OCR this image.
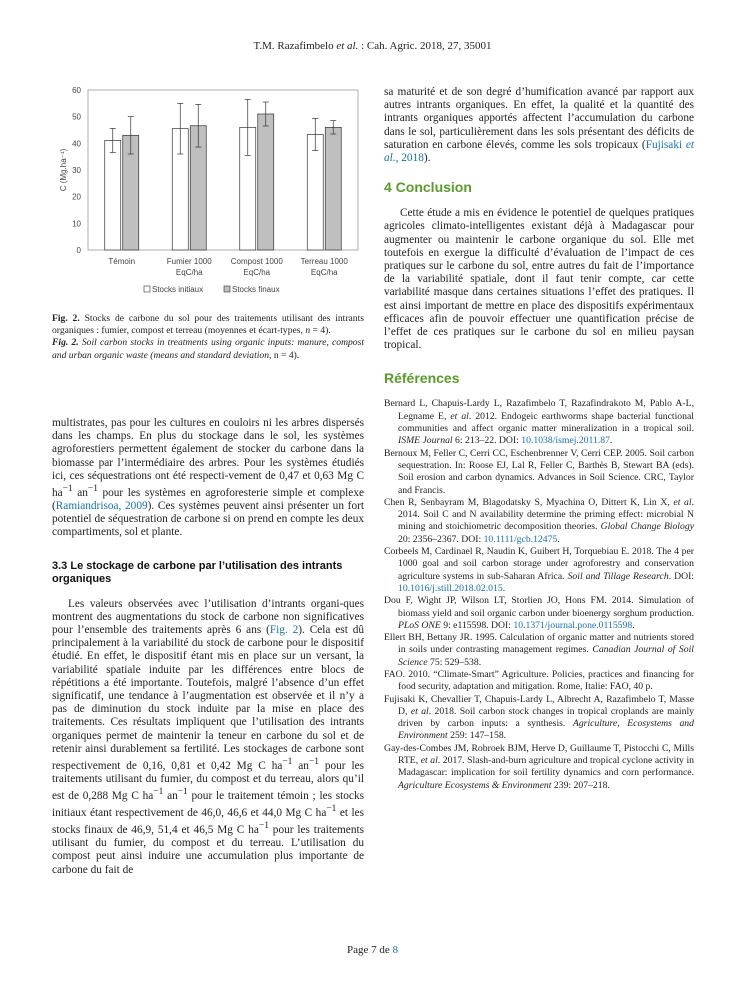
T.M. Razafimbelo et al. : Cah. Agric. 2018, 27, 35001
0
10
20
30
40
50
60
C (Mg.ha⁻¹)
Témoin	Fumier 1000
EqC/ha
Compost 1000
EqC/ha
Terreau 1000
EqC/ha
Stocks initiaux	Stocks finaux

Fig. 2. Stocks de carbone du sol pour des traitements utilisant des intrants organiques : fumier, compost et terreau (moyennes et écart-types, n = 4).

Fig. 2. Soil carbon stocks in treatments using organic inputs: manure, compost and urban organic waste (means and standard deviation, n = 4).

multistrates, pas pour les cultures en couloirs ni les arbres dispersés dans les champs. En plus du stockage dans le sol, les systèmes agroforestiers permettent également de stocker du carbone dans la biomasse par l’intermédiaire des arbres. Pour les systèmes étudiés ici, ces séquestrations ont été respecti-vement de 0,47 et 0,63 Mg C $ha^{-1}$ $an^{-1}$ pour les systèmes en agroforesterie simple et complexe (Ramiandrisoa, 2009). Ces systèmes peuvent ainsi présenter un fort potentiel de séquestration de carbone si on prend en compte les deux compartiments, sol et plante.

3.3 Le stockage de carbone par l’utilisation des intrants organiques

Les valeurs observées avec l’utilisation d’intrants organi-ques montrent des augmentations du stock de carbone non significatives pour l’ensemble des traitements après 6 ans (Fig. 2). Cela est dû principalement à la variabilité du stock de carbone pour le dispositif étudié. En effet, le dispositif étant mis en place sur un versant, la variabilité spatiale induite par les différences entre blocs de répétitions a été importante. Toutefois, malgré l’absence d’un effet significatif, une tendance à l’augmentation est observée et il n’y a pas de diminution du stock induite par la mise en place des traitements. Ces résultats impliquent que l’utilisation des intrants organiques permet de maintenir la teneur en carbone du sol et de retenir ainsi durablement sa fertilité. Les stockages de carbone sont respectivement de 0,16, 0,81 et 0,42 Mg C $ha^{-1}$ $an^{-1}$ pour les traitements utilisant du fumier, du compost et du terreau, alors qu’il est de 0,288 Mg C $ha^{-1}$ $an^{-1}$ pour le traitement témoin ; les stocks initiaux étant respectivement de 46,0, 46,6 et 44,0 Mg C $ha^{-1}$ et les stocks finaux de 46,9, 51,4 et 46,5 Mg C $ha^{-1}$ pour les traitements utilisant du fumier, du compost et du terreau. L’utilisation du compost peut ainsi induire une accumulation plus importante de carbone du fait de

sa maturité et de son degré d’humification avancé par rapport aux autres intrants organiques. En effet, la qualité et la quantité des intrants organiques apportés affectent l’accumulation du carbone dans le sol, particulièrement dans les sols présentant des déficits de saturation en carbone élevés, comme les sols tropicaux (Fujisaki et al., 2018).

4 Conclusion

Cette étude a mis en évidence le potentiel de quelques pratiques agricoles climato-intelligentes existant déjà à Madagascar pour augmenter ou maintenir le carbone organique du sol. Elle met toutefois en exergue la difficulté d’évaluation de l’impact de ces pratiques sur le carbone du sol, entre autres du fait de l’importance de la variabilité spatiale, dont il faut tenir compte, car cette variabilité masque dans certaines situations l’effet des pratiques. Il est ainsi important de mettre en place des dispositifs expérimentaux efficaces afin de pouvoir effectuer une quantification précise de l’effet de ces pratiques sur le carbone du sol en milieu paysan tropical.

Références

Bernard L, Chapuis-Lardy L, Razafimbelo T, Razafindrakoto M, Pablo A-L, Legname E, et al. 2012. Endogeic earthworms shape bacterial functional communities and affect organic matter mineralization in a tropical soil. ISME Journal 6: 213–22. DOI: 10.1038/ismej.2011.87.

Bernoux M, Feller C, Cerri CC, Eschenbrenner V, Cerri CEP. 2005. Soil carbon sequestration. In: Roose EJ, Lal R, Feller C, Barthès B, Stewart BA (eds). Soil erosion and carbon dynamics. Advances in Soil Science. CRC, Taylor and Francis.

Chen R, Senbayram M, Blagodatsky S, Myachina O, Dittert K, Lin X, et al. 2014. Soil C and N availability determine the priming effect: microbial N mining and stoichiometric decomposition theories. Global Change Biology 20: 2356–2367. DOI: 10.1111/gcb.12475.

Corbeels M, Cardinael R, Naudin K, Guibert H, Torquebiau E. 2018. The 4 per 1000 goal and soil carbon storage under agroforestry and conservation agriculture systems in sub-Saharan Africa. Soil and Tillage Research. DOI: 10.1016/j.still.2018.02.015.

Dou F, Wight JP, Wilson LT, Storlien JO, Hons FM. 2014. Simulation of biomass yield and soil organic carbon under bioenergy sorghum production. PLoS ONE 9: e115598. DOI: 10.1371/journal.pone.0115598.

Ellert BH, Bettany JR. 1995. Calculation of organic matter and nutrients stored in soils under contrasting management regimes. Canadian Journal of Soil Science 75: 529–538.

FAO. 2010. “Climate-Smart” Agriculture. Policies, practices and financing for food security, adaptation and mitigation. Rome, Italie: FAO, 40 p.

Fujisaki K, Chevallier T, Chapuis-Lardy L, Albrecht A, Razafimbelo T, Masse D, et al. 2018. Soil carbon stock changes in tropical croplands are mainly driven by carbon inputs: a synthesis. Agriculture, Ecosystems and Environment 259: 147–158.

Gay-des-Combes JM, Robroek BJM, Herve D, Guillaume T, Pistocchi C, Mills RTE, et al. 2017. Slash-and-burn agriculture and tropical cyclone activity in Madagascar: implication for soil fertility dynamics and corn performance. Agriculture Ecosystems & Environment 239: 207–218.

Page 7 de 8
